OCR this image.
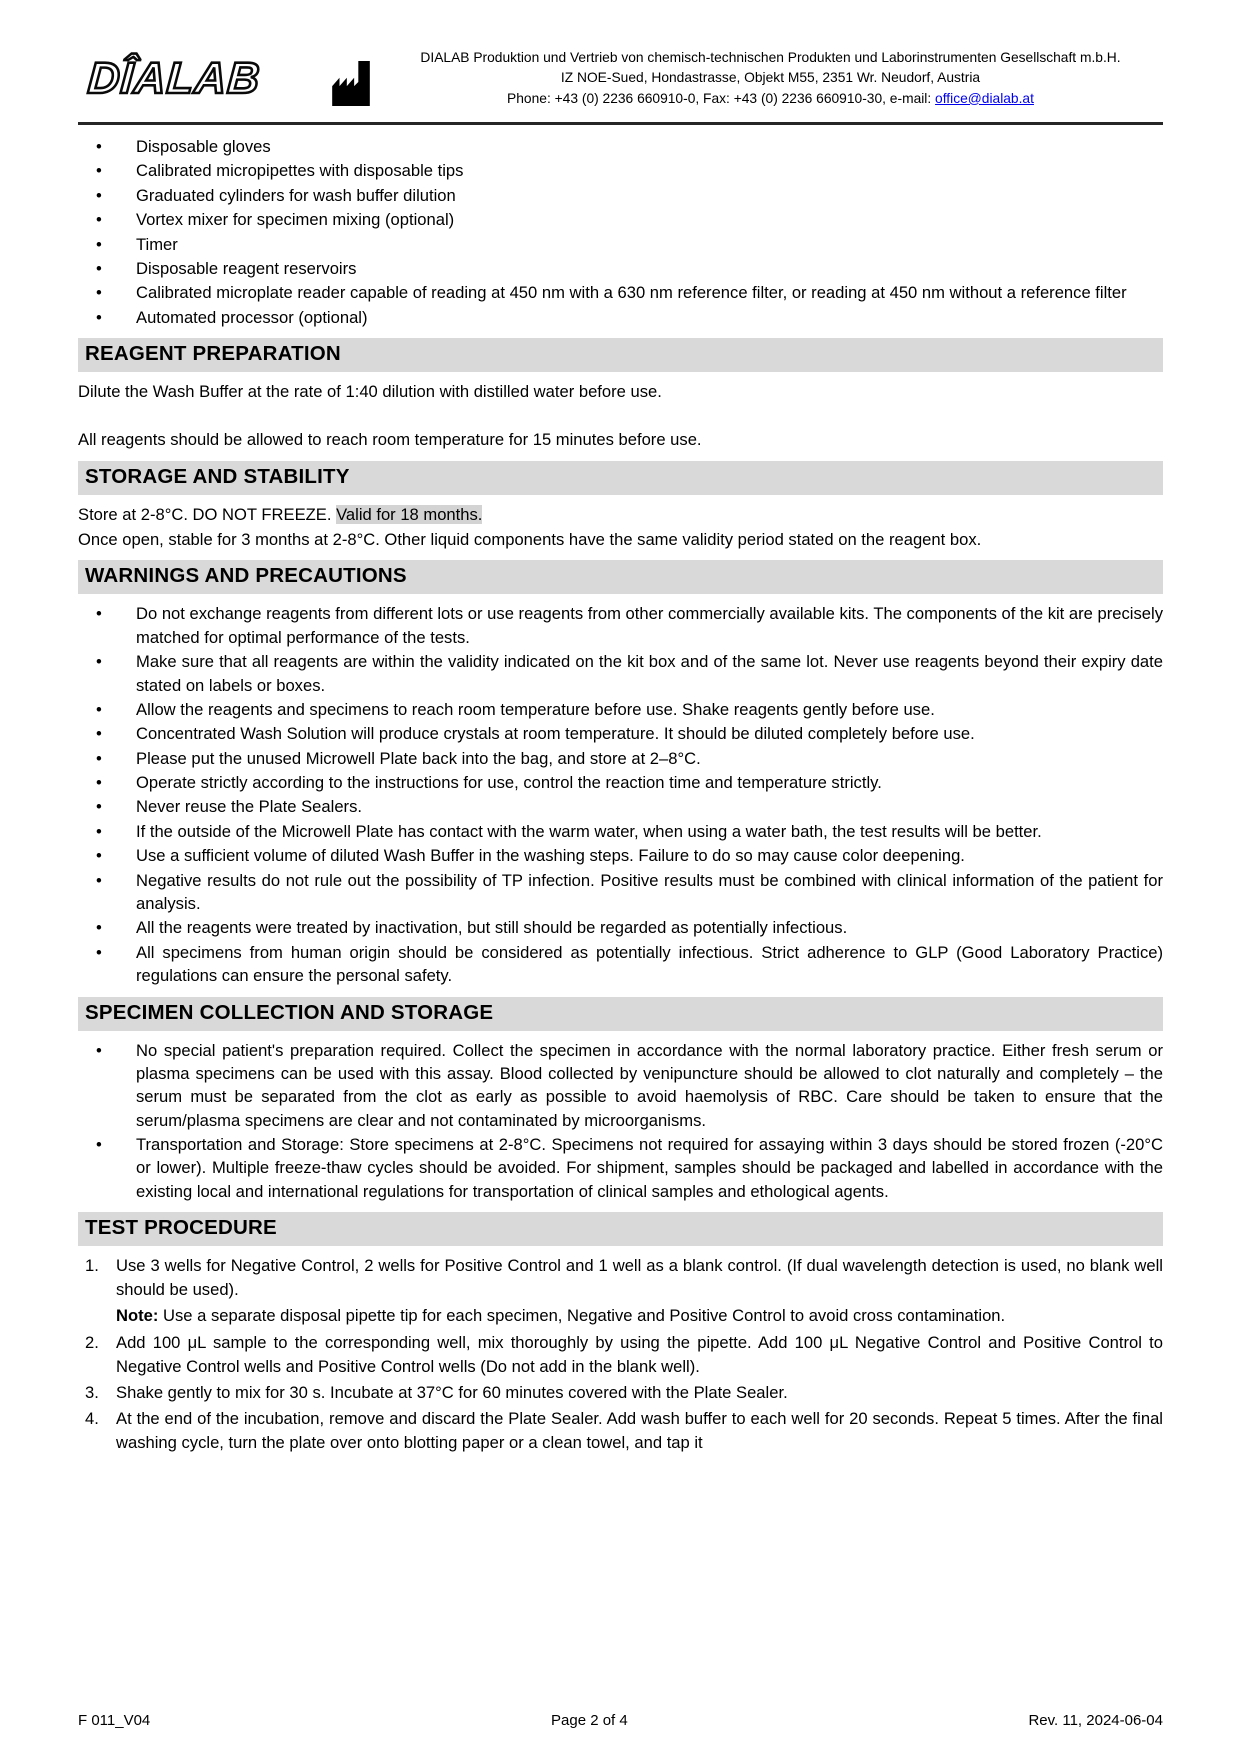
DÎALAB	DIALAB Produktion und Vertrieb von chemisch-technischen Produkten und Laborinstrumenten Gesellschaft m.b.H.
IZ NOE-Sued, Hondastrasse, Objekt M55, 2351 Wr. Neudorf, Austria
Phone: +43 (0) 2236 660910-0, Fax: +43 (0) 2236 660910-30, e-mail: office@dialab.at
• Disposable gloves
• Calibrated micropipettes with disposable tips
• Graduated cylinders for wash buffer dilution
• Vortex mixer for specimen mixing (optional)
• Timer
• Disposable reagent reservoirs
• Calibrated microplate reader capable of reading at 450 nm with a 630 nm reference filter, or reading at 450 nm without a reference filter
• Automated processor (optional)
REAGENT PREPARATION

Dilute the Wash Buffer at the rate of 1:40 dilution with distilled water before use.

All reagents should be allowed to reach room temperature for 15 minutes before use.

STORAGE AND STABILITY

Store at 2-8°C. DO NOT FREEZE. Valid for 18 months.

Once open, stable for 3 months at 2-8°C. Other liquid components have the same validity period stated on the reagent box.

WARNINGS AND PRECAUTIONS
• Do not exchange reagents from different lots or use reagents from other commercially available kits. The components of the kit are precisely matched for optimal performance of the tests.
• Make sure that all reagents are within the validity indicated on the kit box and of the same lot. Never use reagents beyond their expiry date stated on labels or boxes.
• Allow the reagents and specimens to reach room temperature before use. Shake reagents gently before use.
• Concentrated Wash Solution will produce crystals at room temperature. It should be diluted completely before use.
• Please put the unused Microwell Plate back into the bag, and store at 2–8°C.
• Operate strictly according to the instructions for use, control the reaction time and temperature strictly.
• Never reuse the Plate Sealers.
• If the outside of the Microwell Plate has contact with the warm water, when using a water bath, the test results will be better.
• Use a sufficient volume of diluted Wash Buffer in the washing steps. Failure to do so may cause color deepening.
• Negative results do not rule out the possibility of TP infection. Positive results must be combined with clinical information of the patient for analysis.
• All the reagents were treated by inactivation, but still should be regarded as potentially infectious.
• All specimens from human origin should be considered as potentially infectious. Strict adherence to GLP (Good Laboratory Practice) regulations can ensure the personal safety.
SPECIMEN COLLECTION AND STORAGE
• No special patient's preparation required. Collect the specimen in accordance with the normal laboratory practice. Either fresh serum or plasma specimens can be used with this assay. Blood collected by venipuncture should be allowed to clot naturally and completely – the serum must be separated from the clot as early as possible to avoid haemolysis of RBC. Care should be taken to ensure that the serum/plasma specimens are clear and not contaminated by microorganisms.
• Transportation and Storage: Store specimens at 2-8°C. Specimens not required for assaying within 3 days should be stored frozen (-20°C or lower). Multiple freeze-thaw cycles should be avoided. For shipment, samples should be packaged and labelled in accordance with the existing local and international regulations for transportation of clinical samples and ethological agents.
TEST PROCEDURE
1.	Use 3 wells for Negative Control, 2 wells for Positive Control and 1 well as a blank control. (If dual wavelength detection is used, no blank well should be used).
Note: Use a separate disposal pipette tip for each specimen, Negative and Positive Control to avoid cross contamination.
2.	Add 100 μL sample to the corresponding well, mix thoroughly by using the pipette. Add 100 μL Negative Control and Positive Control to Negative Control wells and Positive Control wells (Do not add in the blank well).
3.	Shake gently to mix for 30 s. Incubate at 37°C for 60 minutes covered with the Plate Sealer.
4.	At the end of the incubation, remove and discard the Plate Sealer. Add wash buffer to each well for 20 seconds. Repeat 5 times. After the final washing cycle, turn the plate over onto blotting paper or a clean towel, and tap it
F 011_V04	Page 2 of 4	Rev. 11, 2024-06-04
